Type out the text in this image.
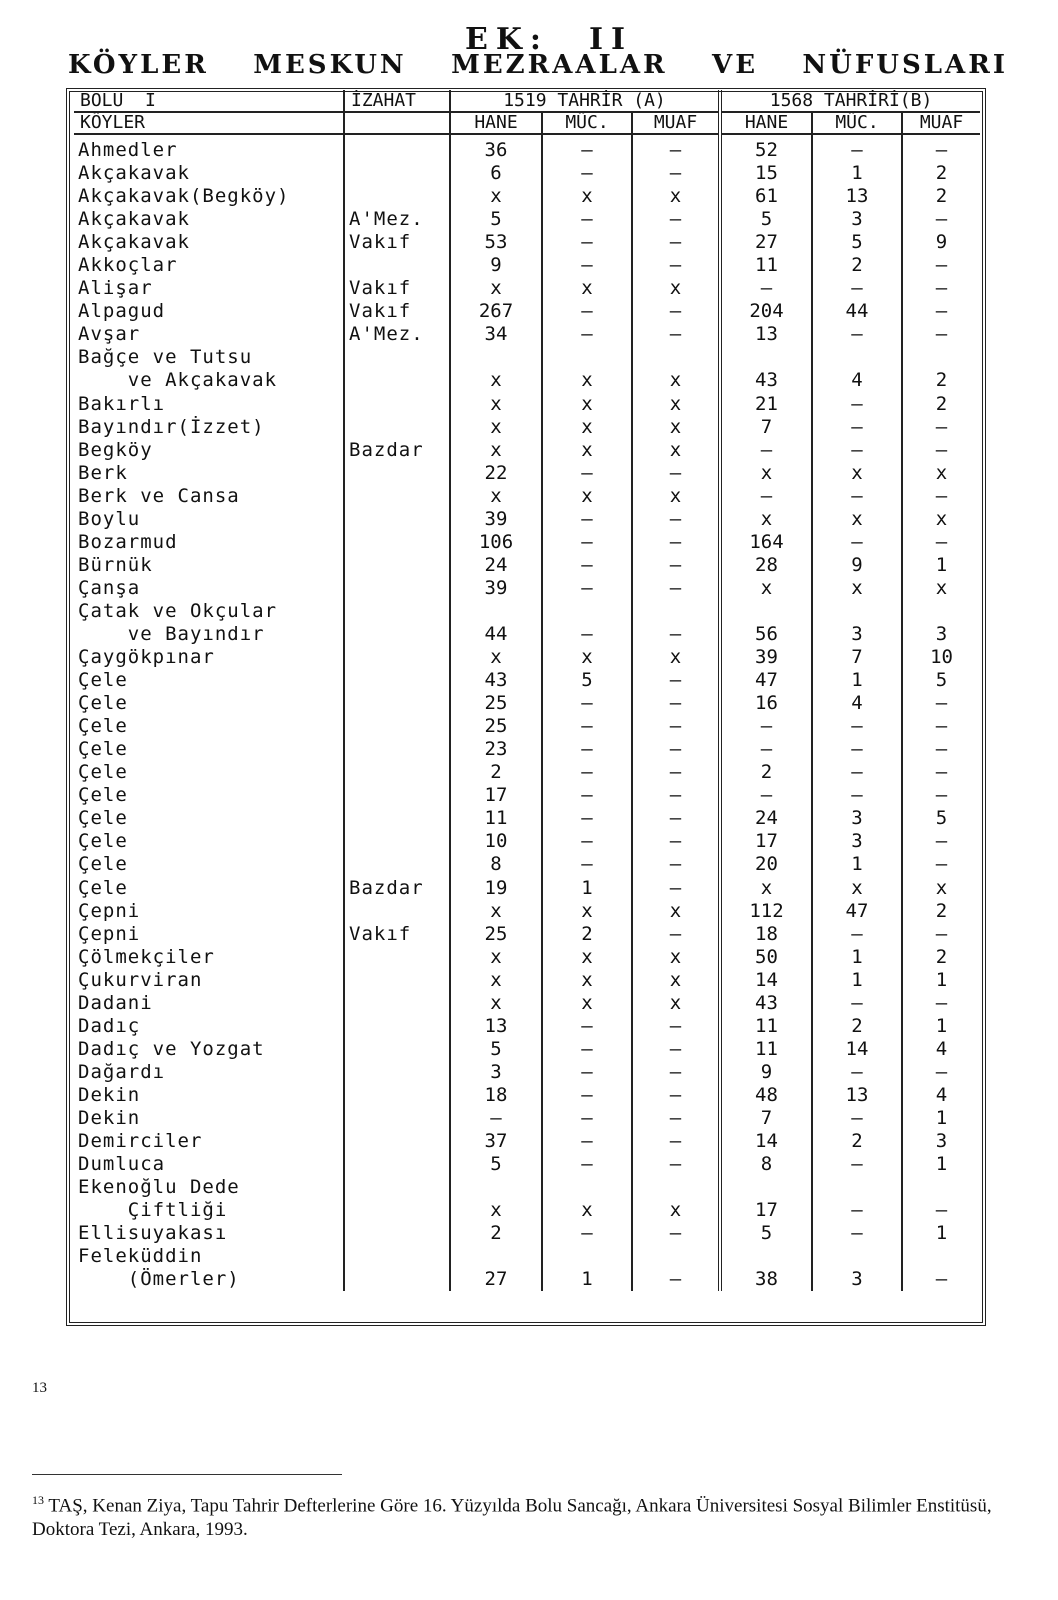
EK: II
KÖYLER MESKUN MEZRAALAR VE NÜFUSLARI
BOLU  I	İZAHAT	1519 TAHRİR (A)			1568 TAHRİRİ(B)		
KÖYLER		HANE	MÜC.	MUAF	HANE	MÜC.	MUAF
Ahmedler		36	–	–	52	–	–
Akçakavak		6	–	–	15	1	2
Akçakavak(Begköy)		x	x	x	61	13	2
Akçakavak	A'Mez.	5	–	–	5	3	–
Akçakavak	Vakıf	53	–	–	27	5	9
Akkoçlar		9	–	–	11	2	–
Alişar	Vakıf	x	x	x	–	–	–
Alpagud	Vakıf	267	–	–	204	44	–
Avşar	A'Mez.	34	–	–	13	–	–
Bağçe ve Tutsu							
ve Akçakavak		x	x	x	43	4	2
Bakırlı		x	x	x	21	–	2
Bayındır(İzzet)		x	x	x	7	–	–
Begköy	Bazdar	x	x	x	–	–	–
Berk		22	–	–	x	x	x
Berk ve Cansa		x	x	x	–	–	–
Boylu		39	–	–	x	x	x
Bozarmud		106	–	–	164	–	–
Bürnük		24	–	–	28	9	1
Çanşa		39	–	–	x	x	x
Çatak ve Okçular							
ve Bayındır		44	–	–	56	3	3
Çaygökpınar		x	x	x	39	7	10
Çele		43	5	–	47	1	5
Çele		25	–	–	16	4	–
Çele		25	–	–	–	–	–
Çele		23	–	–	–	–	–
Çele		2	–	–	2	–	–
Çele		17	–	–	–	–	–
Çele		11	–	–	24	3	5
Çele		10	–	–	17	3	–
Çele		8	–	–	20	1	–
Çele	Bazdar	19	1	–	x	x	x
Çepni		x	x	x	112	47	2
Çepni	Vakıf	25	2	–	18	–	–
Çölmekçiler		x	x	x	50	1	2
Çukurviran		x	x	x	14	1	1
Dadani		x	x	x	43	–	–
Dadıç		13	–	–	11	2	1
Dadıç ve Yozgat		5	–	–	11	14	4
Dağardı		3	–	–	9	–	–
Dekin		18	–	–	48	13	4
Dekin		–	–	–	7	–	1
Demirciler		37	–	–	14	2	3
Dumluca		5	–	–	8	–	1
Ekenoğlu Dede							
Çiftliği		x	x	x	17	–	–

Ellisuyakası		2	–	–	5	–	1
Feleküddin							
(Ömerler)		27	1	–	38	3	–
13
$^{13}$ TAŞ, Kenan Ziya, Tapu Tahrir Defterlerine Göre 16. Yüzyılda Bolu Sancağı, Ankara Üniversitesi Sosyal Bilimler Enstitüsü, Doktora Tezi, Ankara, 1993.
